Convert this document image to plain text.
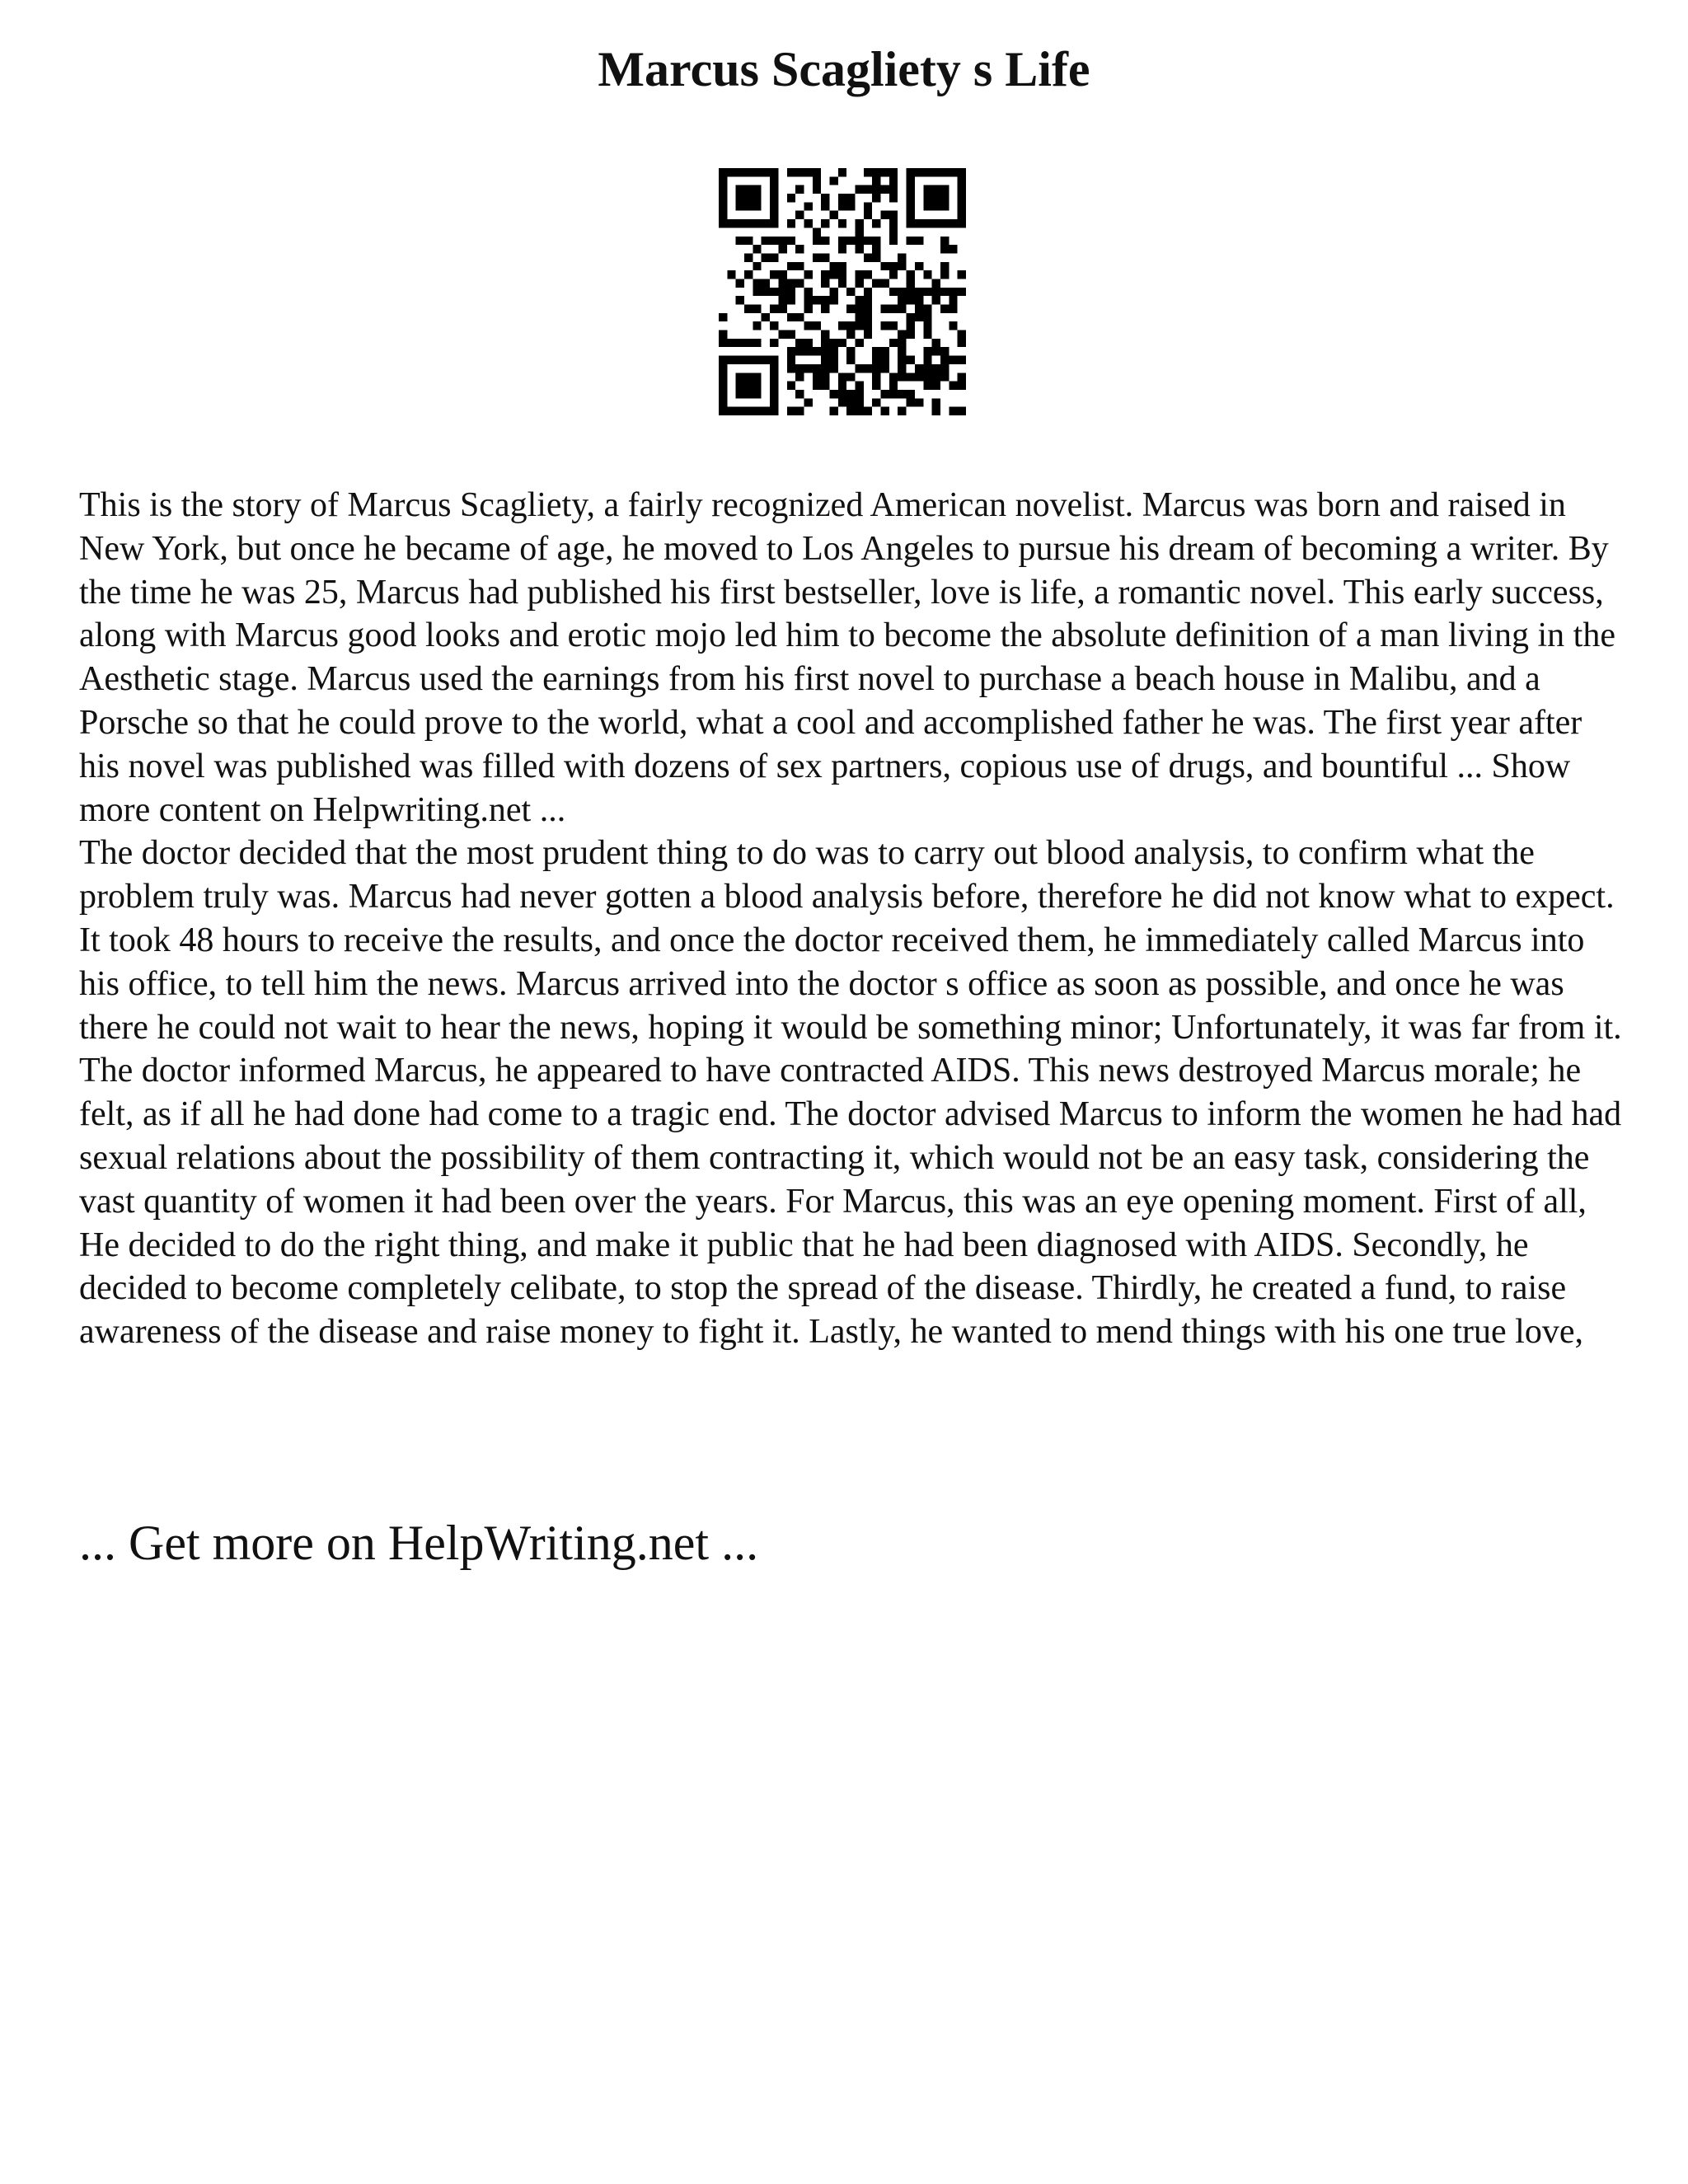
Marcus Scagliety s Life

This is the story of Marcus Scagliety, a fairly recognized American novelist. Marcus was born and raised in New York, but once he became of age, he moved to Los Angeles to pursue his dream of becoming a writer. By the time he was 25, Marcus had published his first bestseller, love is life, a romantic novel. This early success, along with Marcus good looks and erotic mojo led him to become the absolute definition of a man living in the Aesthetic stage. Marcus used the earnings from his first novel to purchase a beach house in Malibu, and a Porsche so that he could prove to the world, what a cool and accomplished father he was. The first year after his novel was published was filled with dozens of sex partners, copious use of drugs, and bountiful ... Show more content on Helpwriting.net ...

The doctor decided that the most prudent thing to do was to carry out blood analysis, to confirm what the problem truly was. Marcus had never gotten a blood analysis before, therefore he did not know what to expect. It took 48 hours to receive the results, and once the doctor received them, he immediately called Marcus into his office, to tell him the news. Marcus arrived into the doctor s office as soon as possible, and once he was there he could not wait to hear the news, hoping it would be something minor; Unfortunately, it was far from it. The doctor informed Marcus, he appeared to have contracted AIDS. This news destroyed Marcus morale; he felt, as if all he had done had come to a tragic end. The doctor advised Marcus to inform the women he had had sexual relations about the possibility of them contracting it, which would not be an easy task, considering the vast quantity of women it had been over the years. For Marcus, this was an eye opening moment. First of all, He decided to do the right thing, and make it public that he had been diagnosed with AIDS. Secondly, he decided to become completely celibate, to stop the spread of the disease. Thirdly, he created a fund, to raise awareness of the disease and raise money to fight it. Lastly, he wanted to mend things with his one true love,

... Get more on HelpWriting.net ...
